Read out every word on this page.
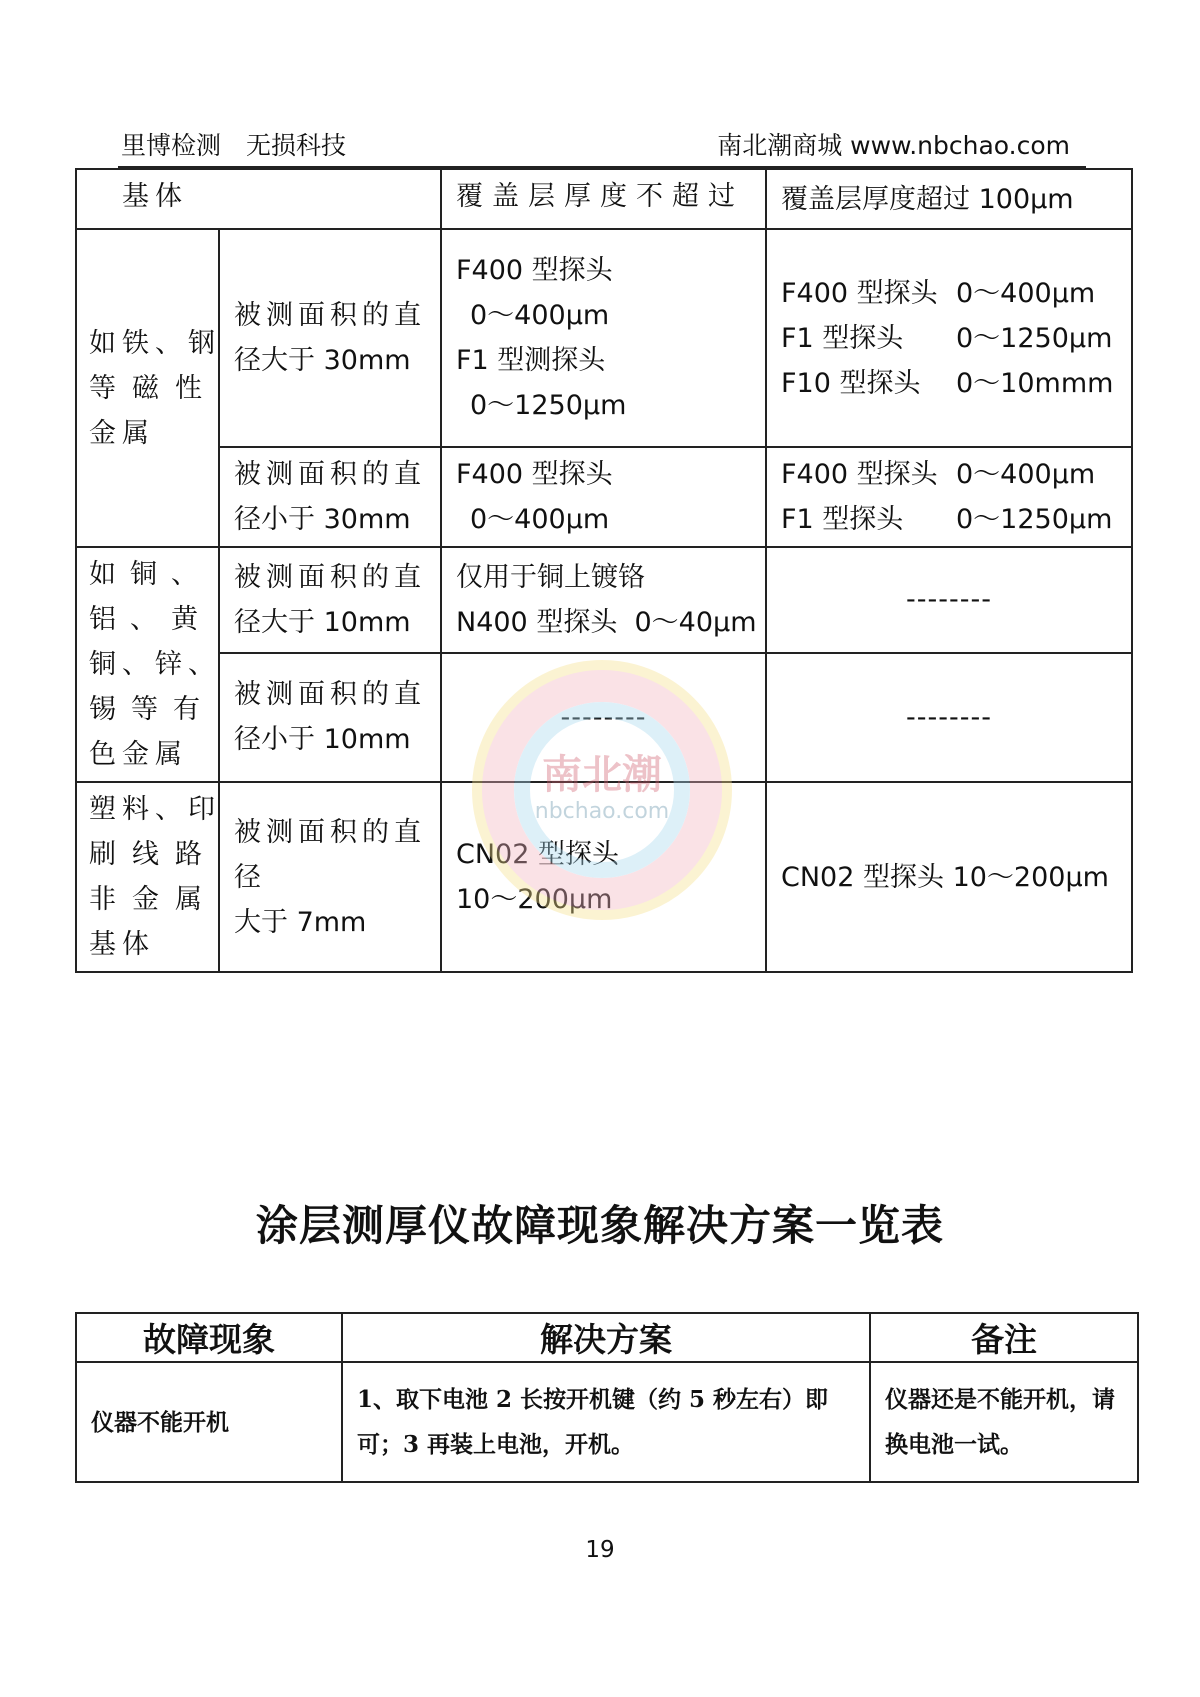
里博检测　无损科技	南北潮商城 www.nbchao.com
基体		覆盖层厚度不超过	覆盖层厚度超过 100μm

如铁、钢
等磁性
金属	被测面积的直
径大于 30mm	F400 型探头
0～400μm
F1 型测探头
0～1250μm	F400 型探头 0～400μm
F1 型探头 0～1250μm
F10 型探头 0～10mmm

	被测面积的直
径小于 30mm	F400 型探头
0～400μm	F400 型探头 0～400μm
F1 型探头 0～1250μm

如铜、
铝、黄
铜、锌、
锡等有
色金属	被测面积的直
径大于 10mm	仅用于铜上镀铬
N400 型探头  0～40μm	--------

	被测面积的直
径小于 10mm	--------	--------

塑料、印
刷线路
非金属
基体	被测面积的直
径
大于 7mm	CN02 型探头
10～200μm	CN02 型探头 10～200μm
南北潮
nbchao.com
涂层测厚仪故障现象解决方案一览表
故障现象	解决方案	备注
仪器不能开机	1、取下电池 2 长按开机键（约 5 秒左右）即可；3 再装上电池，开机。	仪器还是不能开机，请换电池一试。
19
